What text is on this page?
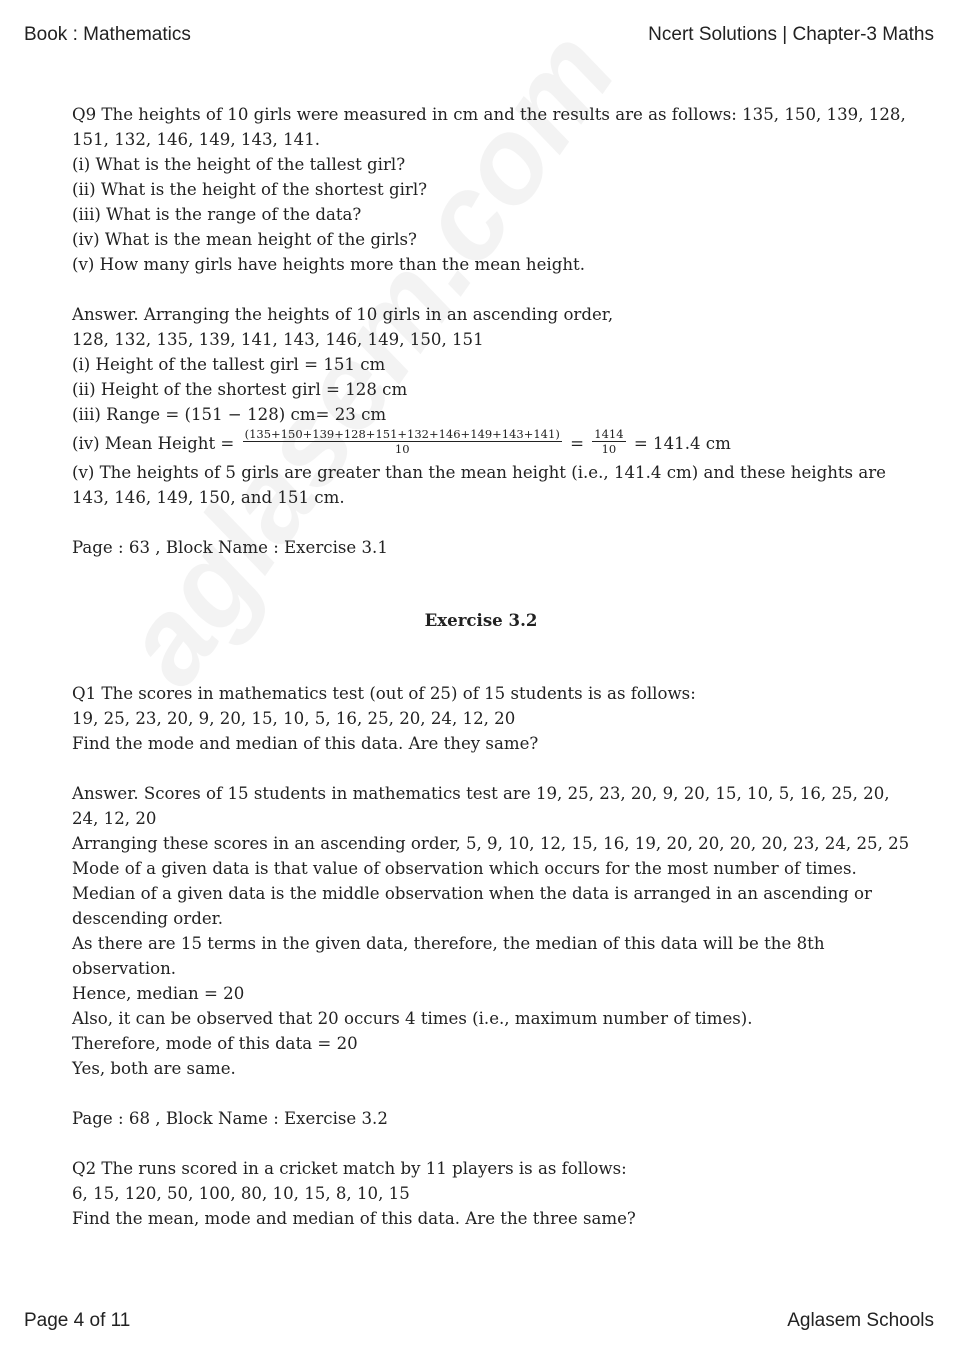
Book : Mathematics	Ncert Solutions | Chapter-3 Maths
Q9 The heights of 10 girls were measured in cm and the results are as follows: 135, 150, 139, 128,
151, 132, 146, 149, 143, 141.
(i) What is the height of the tallest girl?
(ii) What is the height of the shortest girl?
(iii) What is the range of the data?
(iv) What is the mean height of the girls?
(v) How many girls have heights more than the mean height.
Answer. Arranging the heights of 10 girls in an ascending order,
128, 132, 135, 139, 141, 143, 146, 149, 150, 151
(i) Height of the tallest girl = 151 cm
(ii) Height of the shortest girl = 128 cm
(iii) Range = (151 − 128) cm= 23 cm
(iv) Mean Height = $\frac{(135+150+139+128+151+132+146+149+143+141)}{10} = \frac{1414}{10} = 141.4$ cm
(v) The heights of 5 girls are greater than the mean height (i.e., 141.4 cm) and these heights are 143, 146, 149, 150, and 151 cm.
Page : 63 , Block Name : Exercise 3.1
Exercise 3.2
Q1 The scores in mathematics test (out of 25) of 15 students is as follows:
19, 25, 23, 20, 9, 20, 15, 10, 5, 16, 25, 20, 24, 12, 20
Find the mode and median of this data. Are they same?
Answer. Scores of 15 students in mathematics test are 19, 25, 23, 20, 9, 20, 15, 10, 5, 16, 25, 20, 24, 12, 20
Arranging these scores in an ascending order, 5, 9, 10, 12, 15, 16, 19, 20, 20, 20, 20, 23, 24, 25, 25
Mode of a given data is that value of observation which occurs for the most number of times. Median of a given data is the middle observation when the data is arranged in an ascending or descending order.
As there are 15 terms in the given data, therefore, the median of this data will be the 8th observation.
Hence, median = 20
Also, it can be observed that 20 occurs 4 times (i.e., maximum number of times).
Therefore, mode of this data = 20
Yes, both are same.
Page : 68 , Block Name : Exercise 3.2
Q2 The runs scored in a cricket match by 11 players is as follows:
6, 15, 120, 50, 100, 80, 10, 15, 8, 10, 15
Find the mean, mode and median of this data. Are the three same?
Page 4 of 11	Aglasem Schools
